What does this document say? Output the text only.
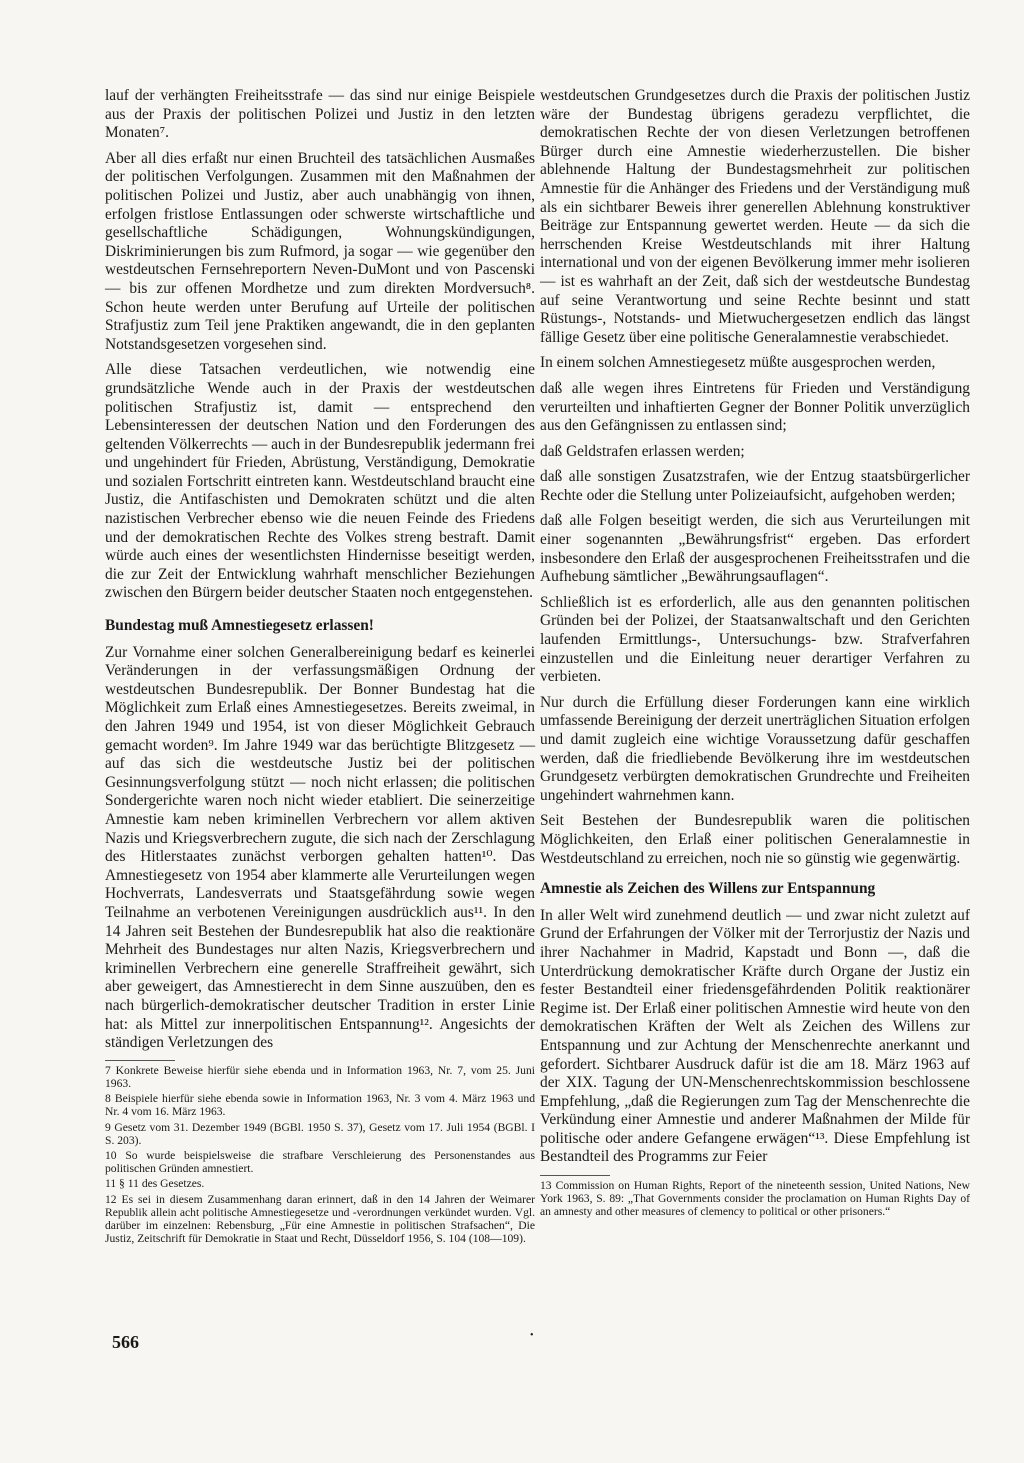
lauf der verhängten Freiheitsstrafe — das sind nur einige Beispiele aus der Praxis der politischen Polizei und Justiz in den letzten Monaten⁷.

Aber all dies erfaßt nur einen Bruchteil des tatsächlichen Ausmaßes der politischen Verfolgungen. Zusammen mit den Maßnahmen der politischen Polizei und Justiz, aber auch unabhängig von ihnen, erfolgen fristlose Entlassungen oder schwerste wirtschaftliche und gesellschaftliche Schädigungen, Wohnungskündigungen, Diskriminierungen bis zum Rufmord, ja sogar — wie gegenüber den westdeutschen Fernsehreportern Neven-DuMont und von Pascenski — bis zur offenen Mordhetze und zum direkten Mordversuch⁸. Schon heute werden unter Berufung auf Urteile der politischen Strafjustiz zum Teil jene Praktiken angewandt, die in den geplanten Notstandsgesetzen vorgesehen sind.

Alle diese Tatsachen verdeutlichen, wie notwendig eine grundsätzliche Wende auch in der Praxis der westdeutschen politischen Strafjustiz ist, damit — entsprechend den Lebensinteressen der deutschen Nation und den Forderungen des geltenden Völkerrechts — auch in der Bundesrepublik jedermann frei und ungehindert für Frieden, Abrüstung, Verständigung, Demokratie und sozialen Fortschritt eintreten kann. Westdeutschland braucht eine Justiz, die Antifaschisten und Demokraten schützt und die alten nazistischen Verbrecher ebenso wie die neuen Feinde des Friedens und der demokratischen Rechte des Volkes streng bestraft. Damit würde auch eines der wesentlichsten Hindernisse beseitigt werden, die zur Zeit der Entwicklung wahrhaft menschlicher Beziehungen zwischen den Bürgern beider deutscher Staaten noch entgegenstehen.

Bundestag muß Amnestiegesetz erlassen!

Zur Vornahme einer solchen Generalbereinigung bedarf es keinerlei Veränderungen in der verfassungsmäßigen Ordnung der westdeutschen Bundesrepublik. Der Bonner Bundestag hat die Möglichkeit zum Erlaß eines Amnestiegesetzes. Bereits zweimal, in den Jahren 1949 und 1954, ist von dieser Möglichkeit Gebrauch gemacht worden⁹. Im Jahre 1949 war das berüchtigte Blitzgesetz — auf das sich die westdeutsche Justiz bei der politischen Gesinnungsverfolgung stützt — noch nicht erlassen; die politischen Sondergerichte waren noch nicht wieder etabliert. Die seinerzeitige Amnestie kam neben kriminellen Verbrechern vor allem aktiven Nazis und Kriegsverbrechern zugute, die sich nach der Zerschlagung des Hitlerstaates zunächst verborgen gehalten hatten¹⁰. Das Amnestiegesetz von 1954 aber klammerte alle Verurteilungen wegen Hochverrats, Landesverrats und Staatsgefährdung sowie wegen Teilnahme an verbotenen Vereinigungen ausdrücklich aus¹¹. In den 14 Jahren seit Bestehen der Bundesrepublik hat also die reaktionäre Mehrheit des Bundestages nur alten Nazis, Kriegsverbrechern und kriminellen Verbrechern eine generelle Straffreiheit gewährt, sich aber geweigert, das Amnestierecht in dem Sinne auszuüben, den es nach bürgerlich-demokratischer deutscher Tradition in erster Linie hat: als Mittel zur innerpolitischen Entspannung¹². Angesichts der ständigen Verletzungen des

7 Konkrete Beweise hierfür siehe ebenda und in Information 1963, Nr. 7, vom 25. Juni 1963.

8 Beispiele hierfür siehe ebenda sowie in Information 1963, Nr. 3 vom 4. März 1963 und Nr. 4 vom 16. März 1963.

9 Gesetz vom 31. Dezember 1949 (BGBl. 1950 S. 37), Gesetz vom 17. Juli 1954 (BGBl. I S. 203).

10 So wurde beispielsweise die strafbare Verschleierung des Personenstandes aus politischen Gründen amnestiert.

11 § 11 des Gesetzes.

12 Es sei in diesem Zusammenhang daran erinnert, daß in den 14 Jahren der Weimarer Republik allein acht politische Amnestiegesetze und -verordnungen verkündet wurden. Vgl. darüber im einzelnen: Rebensburg, „Für eine Amnestie in politischen Strafsachen“, Die Justiz, Zeitschrift für Demokratie in Staat und Recht, Düsseldorf 1956, S. 104 (108—109).

westdeutschen Grundgesetzes durch die Praxis der politischen Justiz wäre der Bundestag übrigens geradezu verpflichtet, die demokratischen Rechte der von diesen Verletzungen betroffenen Bürger durch eine Amnestie wiederherzustellen. Die bisher ablehnende Haltung der Bundestagsmehrheit zur politischen Amnestie für die Anhänger des Friedens und der Verständigung muß als ein sichtbarer Beweis ihrer generellen Ablehnung konstruktiver Beiträge zur Entspannung gewertet werden. Heute — da sich die herrschenden Kreise Westdeutschlands mit ihrer Haltung international und von der eigenen Bevölkerung immer mehr isolieren — ist es wahrhaft an der Zeit, daß sich der westdeutsche Bundestag auf seine Verantwortung und seine Rechte besinnt und statt Rüstungs-, Notstands- und Mietwuchergesetzen endlich das längst fällige Gesetz über eine politische Generalamnestie verabschiedet.

In einem solchen Amnestiegesetz müßte ausgesprochen werden,

daß alle wegen ihres Eintretens für Frieden und Verständigung verurteilten und inhaftierten Gegner der Bonner Politik unverzüglich aus den Gefängnissen zu entlassen sind;

daß Geldstrafen erlassen werden;

daß alle sonstigen Zusatzstrafen, wie der Entzug staatsbürgerlicher Rechte oder die Stellung unter Polizeiaufsicht, aufgehoben werden;

daß alle Folgen beseitigt werden, die sich aus Verurteilungen mit einer sogenannten „Bewährungsfrist“ ergeben. Das erfordert insbesondere den Erlaß der ausgesprochenen Freiheitsstrafen und die Aufhebung sämtlicher „Bewährungsauflagen“.

Schließlich ist es erforderlich, alle aus den genannten politischen Gründen bei der Polizei, der Staatsanwaltschaft und den Gerichten laufenden Ermittlungs-, Untersuchungs- bzw. Strafverfahren einzustellen und die Einleitung neuer derartiger Verfahren zu verbieten.

Nur durch die Erfüllung dieser Forderungen kann eine wirklich umfassende Bereinigung der derzeit unerträglichen Situation erfolgen und damit zugleich eine wichtige Voraussetzung dafür geschaffen werden, daß die friedliebende Bevölkerung ihre im westdeutschen Grundgesetz verbürgten demokratischen Grundrechte und Freiheiten ungehindert wahrnehmen kann.

Seit Bestehen der Bundesrepublik waren die politischen Möglichkeiten, den Erlaß einer politischen Generalamnestie in Westdeutschland zu erreichen, noch nie so günstig wie gegenwärtig.

Amnestie als Zeichen des Willens zur Entspannung

In aller Welt wird zunehmend deutlich — und zwar nicht zuletzt auf Grund der Erfahrungen der Völker mit der Terrorjustiz der Nazis und ihrer Nachahmer in Madrid, Kapstadt und Bonn —, daß die Unterdrückung demokratischer Kräfte durch Organe der Justiz ein fester Bestandteil einer friedensgefährdenden Politik reaktionärer Regime ist. Der Erlaß einer politischen Amnestie wird heute von den demokratischen Kräften der Welt als Zeichen des Willens zur Entspannung und zur Achtung der Menschenrechte anerkannt und gefordert. Sichtbarer Ausdruck dafür ist die am 18. März 1963 auf der XIX. Tagung der UN-Menschenrechtskommission beschlossene Empfehlung, „daß die Regierungen zum Tag der Menschenrechte die Verkündung einer Amnestie und anderer Maßnahmen der Milde für politische oder andere Gefangene erwägen“¹³. Diese Empfehlung ist Bestandteil des Programms zur Feier

13 Commission on Human Rights, Report of the nineteenth session, United Nations, New York 1963, S. 89: „That Governments consider the proclamation on Human Rights Day of an amnesty and other measures of clemency to political or other prisoners.“

566	•
